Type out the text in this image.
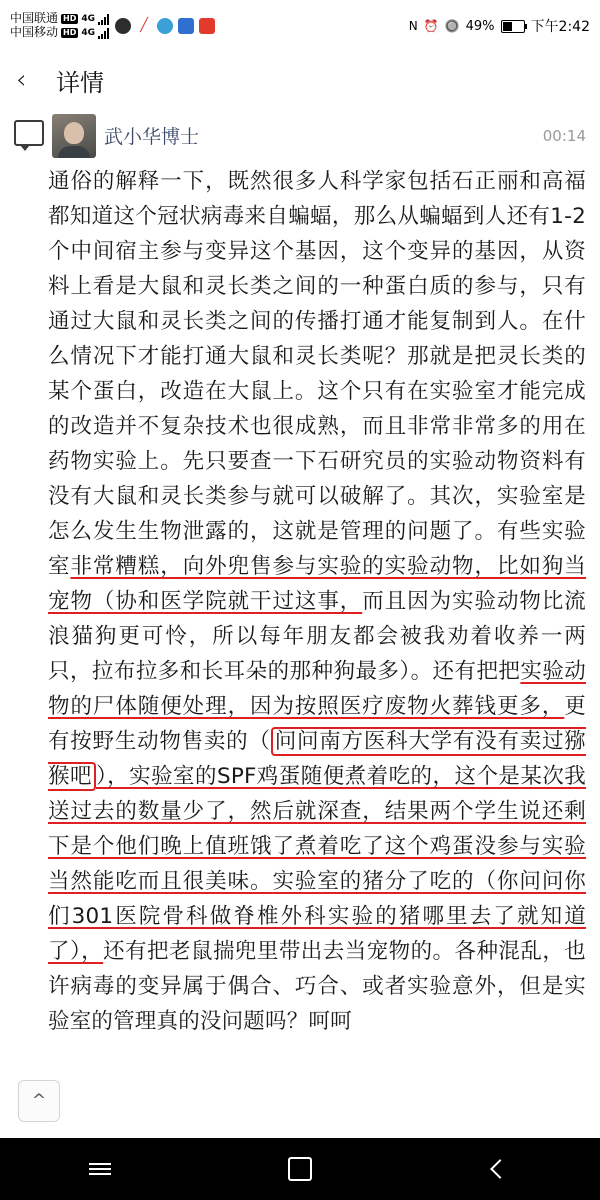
中国联通 HD 4G
中国移动 HD 4G	╱	N ⏰ 🔘 49%	下午2:42
‹	详情
武小华博士	00:14

通俗的解释一下，既然很多人科学家包括石正丽和高福都知道这个冠状病毒来自蝙蝠，那么从蝙蝠到人还有1-2个中间宿主参与变异这个基因，这个变异的基因，从资料上看是大鼠和灵长类之间的一种蛋白质的参与，只有通过大鼠和灵长类之间的传播打通才能复制到人。在什么情况下才能打通大鼠和灵长类呢？那就是把灵长类的某个蛋白，改造在大鼠上。这个只有在实验室才能完成的改造并不复杂技术也很成熟，而且非常非常多的用在药物实验上。先只要查一下石研究员的实验动物资料有没有大鼠和灵长类参与就可以破解了。其次，实验室是怎么发生生物泄露的，这就是管理的问题了。有些实验室非常糟糕，向外兜售参与实验的实验动物，比如狗当宠物（协和医学院就干过这事，而且因为实验动物比流浪猫狗更可怜，所以每年朋友都会被我劝着收养一两只，拉布拉多和长耳朵的那种狗最多）。还有把把实验动物的尸体随便处理，因为按照医疗废物火葬钱更多，更有按野生动物售卖的（ 问问南方医科大学有没有卖过猕猴吧 ），实验室的SPF鸡蛋随便煮着吃的，这个是某次我送过去的数量少了，然后就深查，结果两个学生说还剩下是个他们晚上值班饿了煮着吃了这个鸡蛋没参与实验当然能吃而且很美味。实验室的猪分了吃的（你问问你们301医院骨科做脊椎外科实验的猪哪里去了就知道了），还有把老鼠揣兜里带出去当宠物的。各种混乱，也许病毒的变异属于偶合、巧合、或者实验意外，但是实验室的管理真的没问题吗？呵呵

^
